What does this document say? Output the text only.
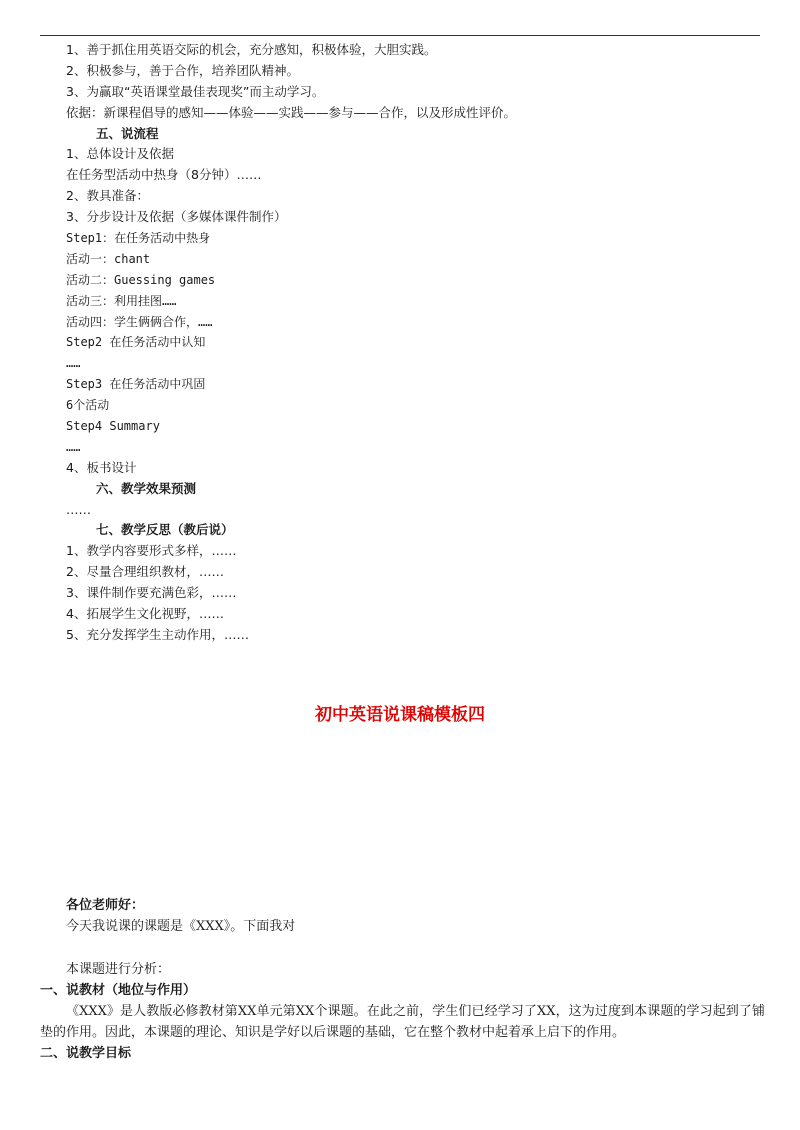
1、善于抓住用英语交际的机会，充分感知，积极体验，大胆实践。
2、积极参与，善于合作，培养团队精神。
3、为赢取“英语课堂最佳表现奖”而主动学习。
依据：新课程倡导的感知——体验——实践——参与——合作，以及形成性评价。
五、说流程
1、总体设计及依据
在任务型活动中热身（8分钟）……
2、教具准备：
3、分步设计及依据（多媒体课件制作）
Step1：在任务活动中热身
活动一：chant
活动二：Guessing games
活动三：利用挂图……
活动四：学生俩俩合作，……
Step2 在任务活动中认知
……
Step3 在任务活动中巩固
6个活动
Step4 Summary
……
4、板书设计
六、教学效果预测
……
七、教学反思（教后说）
1、教学内容要形式多样，……
2、尽量合理组织教材，……
3、课件制作要充满色彩，……
4、拓展学生文化视野，……
5、充分发挥学生主动作用，……
初中英语说课稿模板四
各位老师好：
今天我说课的课题是《XXX》。下面我对
本课题进行分析：
一、说教材（地位与作用）
《XXX》是人教版必修教材第XX单元第XX个课题。在此之前，学生们已经学习了XX，这为过度到本课题的学习起到了铺垫的作用。因此，本课题的理论、知识是学好以后课题的基础，它在整个教材中起着承上启下的作用。
二、说教学目标
